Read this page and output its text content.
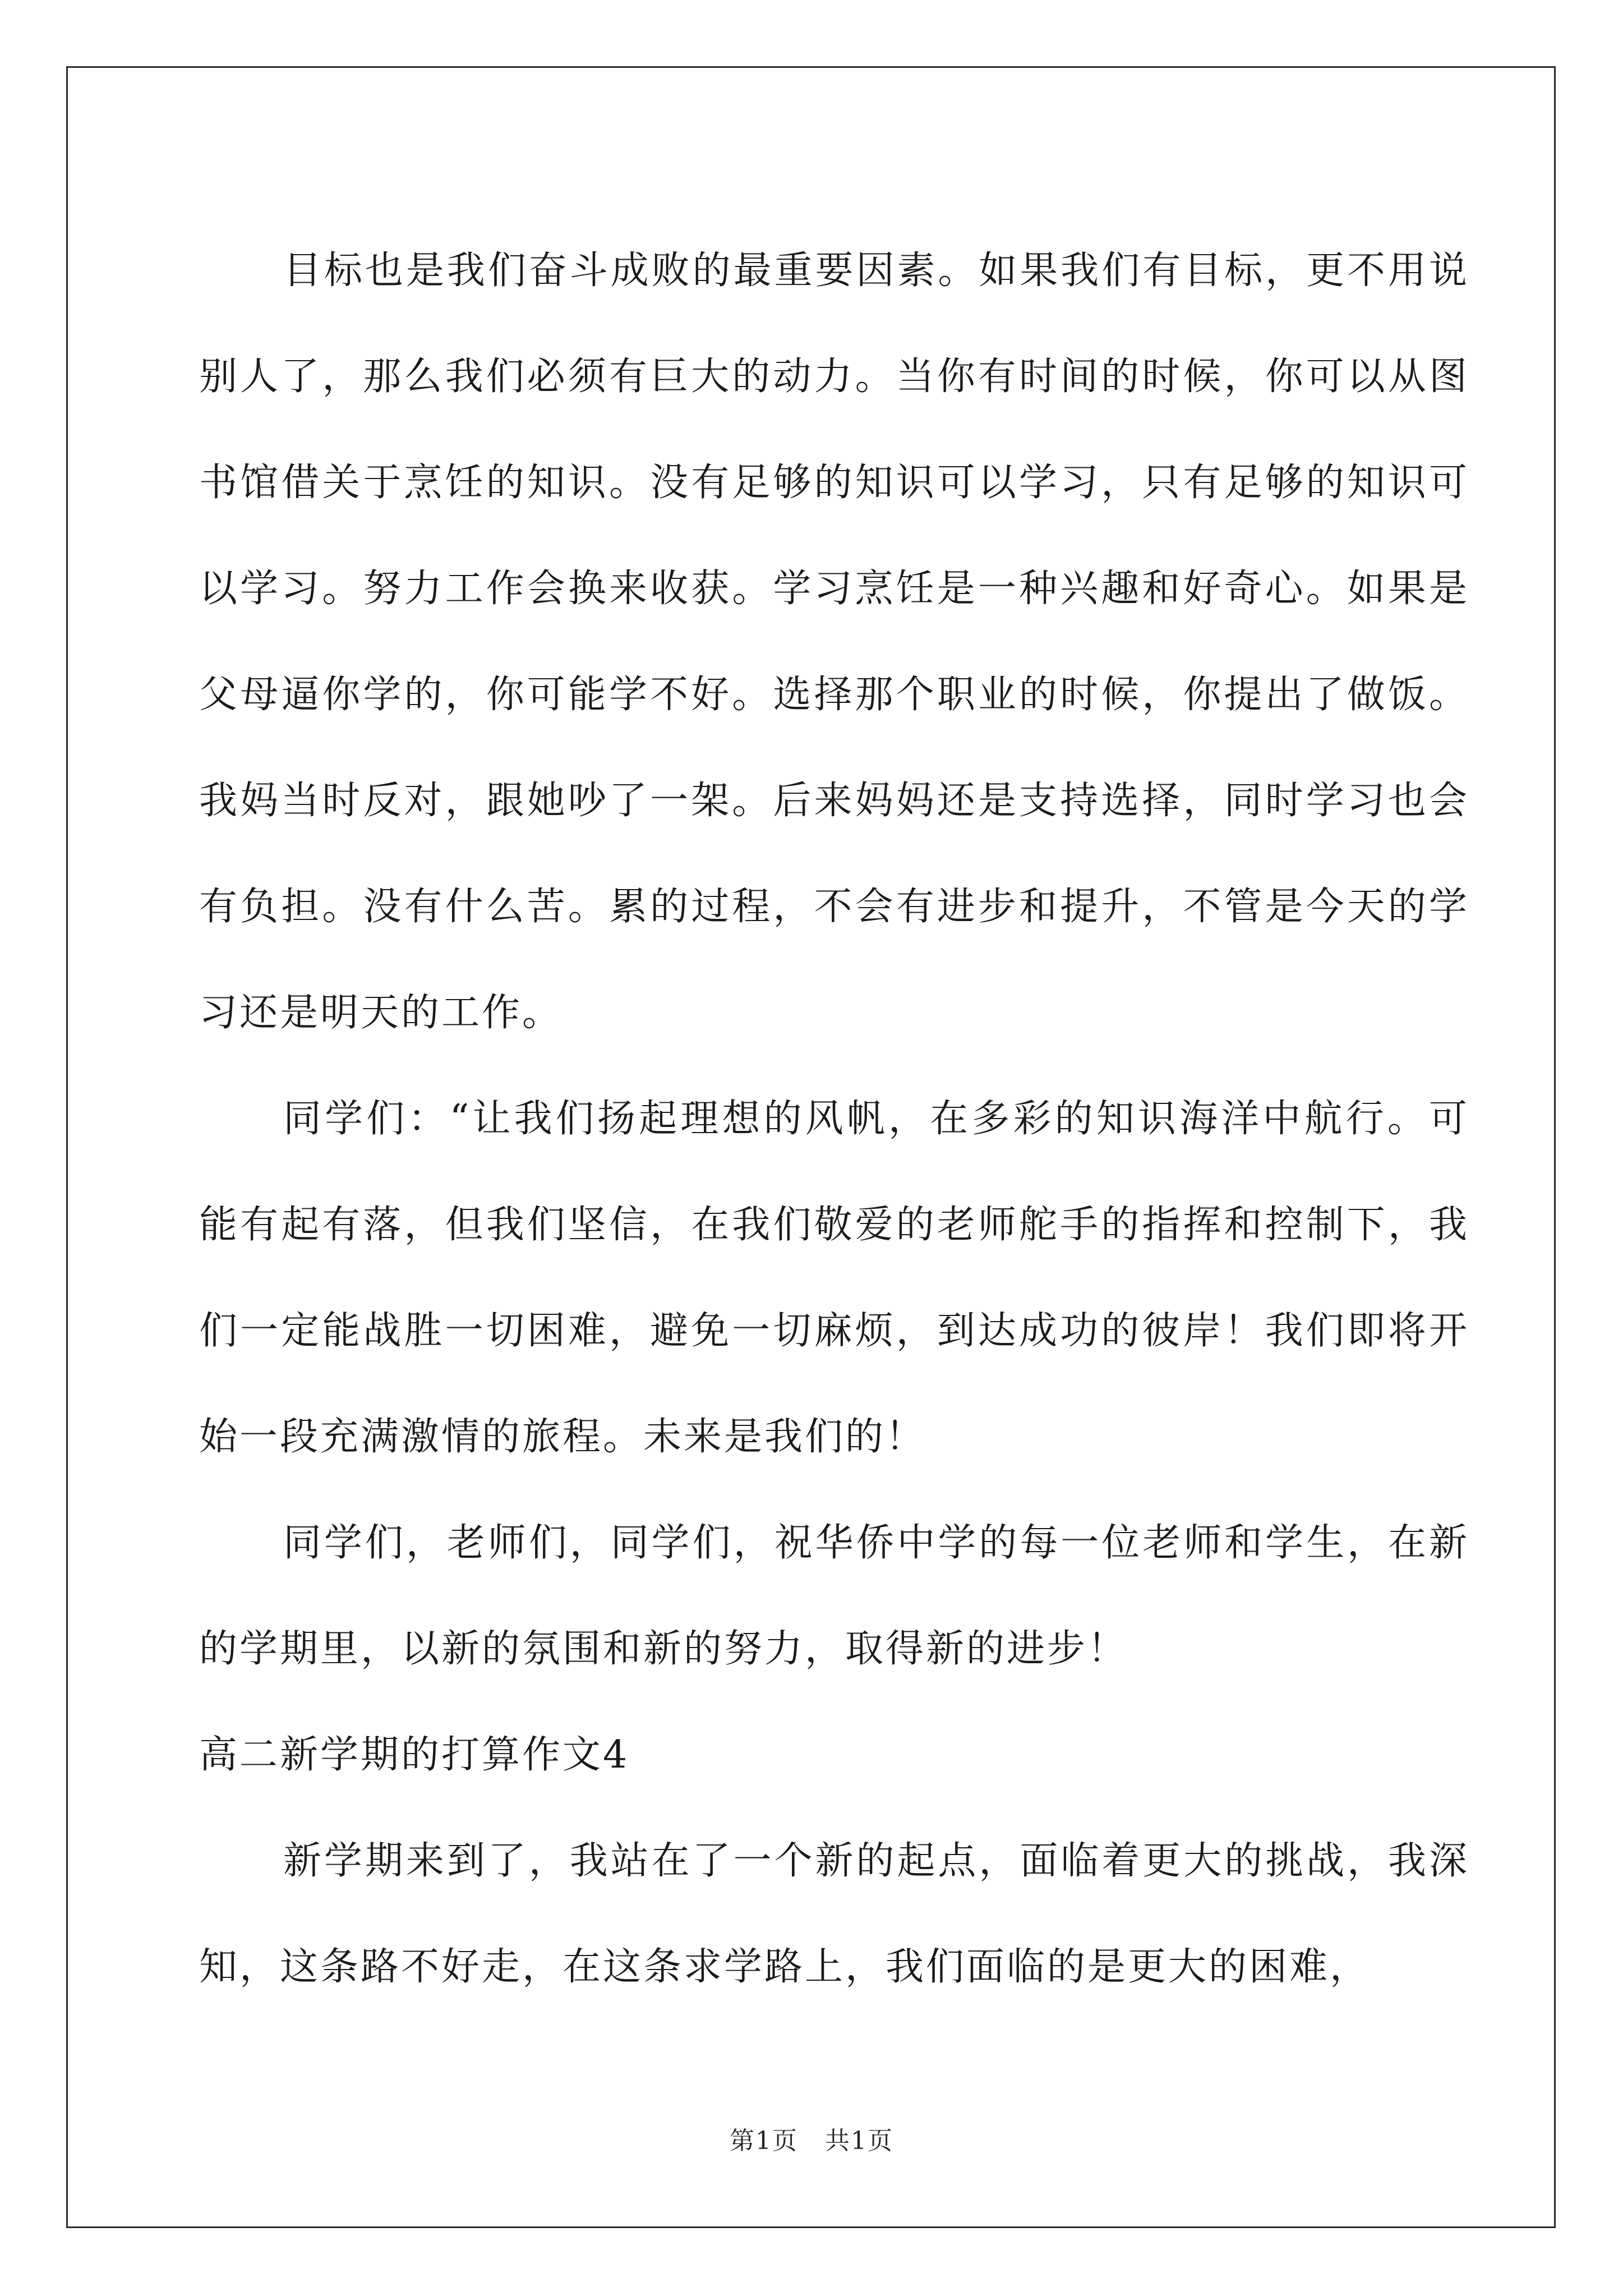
目标也是我们奋斗成败的最重要因素。如果我们有目标，更不用说别人了，那么我们必须有巨大的动力。当你有时间的时候，你可以从图书馆借关于烹饪的知识。没有足够的知识可以学习，只有足够的知识可以学习。努力工作会换来收获。学习烹饪是一种兴趣和好奇心。如果是父母逼你学的，你可能学不好。选择那个职业的时候，你提出了做饭。我妈当时反对，跟她吵了一架。后来妈妈还是支持选择，同时学习也会有负担。没有什么苦。累的过程，不会有进步和提升，不管是今天的学习还是明天的工作。

同学们：“让我们扬起理想的风帆，在多彩的知识海洋中航行。可能有起有落，但我们坚信，在我们敬爱的老师舵手的指挥和控制下，我们一定能战胜一切困难，避免一切麻烦，到达成功的彼岸！我们即将开始一段充满激情的旅程。未来是我们的！

同学们，老师们，同学们，祝华侨中学的每一位老师和学生，在新的学期里，以新的氛围和新的努力，取得新的进步！

高二新学期的打算作文4

新学期来到了，我站在了一个新的起点，面临着更大的挑战，我深知，这条路不好走，在这条求学路上，我们面临的是更大的困难，

第1页 共1页
